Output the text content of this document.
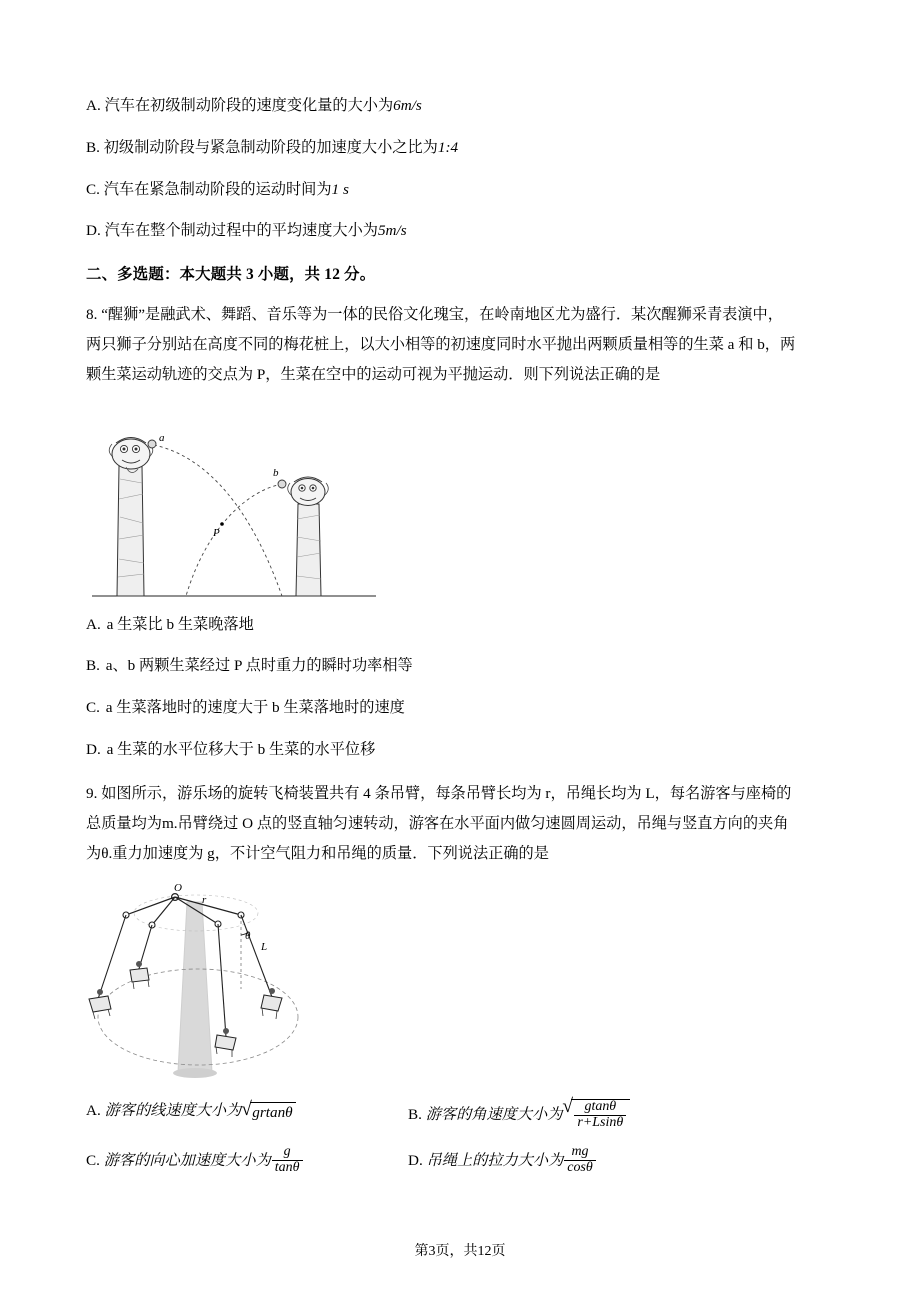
A. 汽车在初级制动阶段的速度变化量的大小为6m/s
B. 初级制动阶段与紧急制动阶段的加速度大小之比为1:4
C. 汽车在紧急制动阶段的运动时间为1 s
D. 汽车在整个制动过程中的平均速度大小为5m/s
二、多选题：本大题共 3 小题，共 12 分。
8. “醒狮”是融武术、舞蹈、音乐等为一体的民俗文化瑰宝，在岭南地区尤为盛行．某次醒狮采青表演中，
两只狮子分别站在高度不同的梅花桩上，以大小相等的初速度同时水平抛出两颗质量相等的生菜 a 和 b，两
颗生菜运动轨迹的交点为 P，生菜在空中的运动可视为平抛运动．则下列说法正确的是
a
b
P
A. a 生菜比 b 生菜晚落地
B. a、b 两颗生菜经过 P 点时重力的瞬时功率相等
C. a 生菜落地时的速度大于 b 生菜落地时的速度
D. a 生菜的水平位移大于 b 生菜的水平位移
9. 如图所示，游乐场的旋转飞椅装置共有 4 条吊臂，每条吊臂长均为 r，吊绳长均为 L，每名游客与座椅的
总质量均为m.吊臂绕过 O 点的竖直轴匀速转动，游客在水平面内做匀速圆周运动，吊绳与竖直方向的夹角
为θ.重力加速度为 g，不计空气阻力和吊绳的质量．下列说法正确的是
O
r
θ
L
A. 游客的线速度大小为 √ grtanθ	B. 游客的角速度大小为 √ $\frac{gtan\theta}{r+Lsin\theta}$
C. 游客的向心加速度大小为 $\frac{g}{\tan\theta}$	D. 吊绳上的拉力大小为 $\frac{mg}{\cos\theta}$
第3页，共12页
